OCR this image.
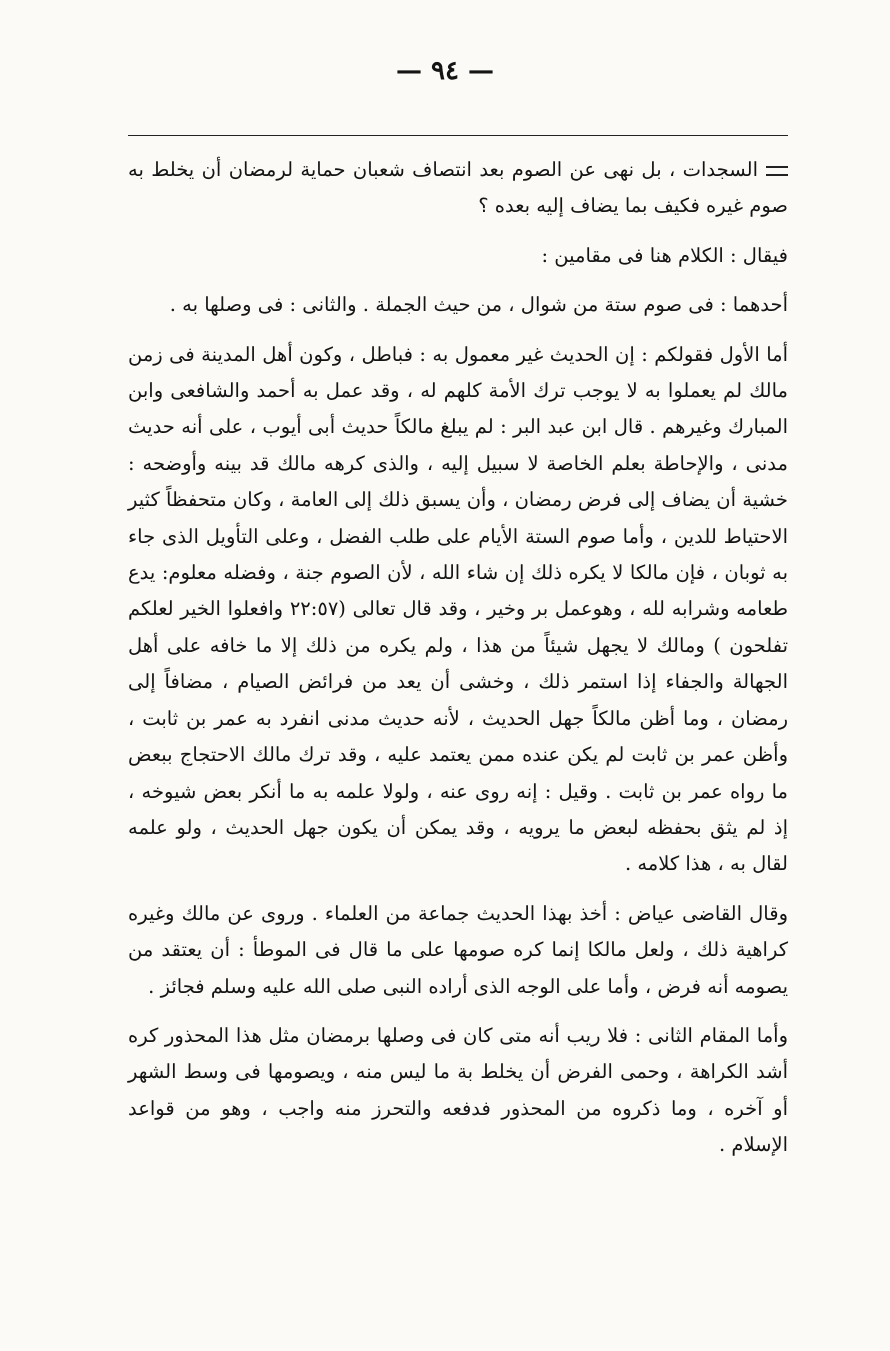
— ٩٤ —

السجدات ، بل نهى عن الصوم بعد انتصاف شعبان حماية لرمضان أن يخلط به صوم غيره فكيف بما يضاف إليه بعده ؟

فيقال : الكلام هنا فى مقامين :

أحدهما : فى صوم ستة من شوال ، من حيث الجملة . والثانى : فى وصلها به .

أما الأول فقولكم : إن الحديث غير معمول به : فباطل ، وكون أهل المدينة فى زمن مالك لم يعملوا به لا يوجب ترك الأمة كلهم له ، وقد عمل به أحمد والشافعى وابن المبارك وغيرهم . قال ابن عبد البر : لم يبلغ مالكاً حديث أبى أيوب ، على أنه حديث مدنى ، والإحاطة بعلم الخاصة لا سبيل إليه ، والذى كرهه مالك قد بينه وأوضحه : خشية أن يضاف إلى فرض رمضان ، وأن يسبق ذلك إلى العامة ، وكان متحفظاً كثير الاحتياط للدين ، وأما صوم الستة الأيام على طلب الفضل ، وعلى التأويل الذى جاء به ثوبان ، فإن مالكا لا يكره ذلك إن شاء الله ، لأن الصوم جنة ، وفضله معلوم: يدع طعامه وشرابه لله ، وهوعمل بر وخير ، وقد قال تعالى (٢٢:٥٧ وافعلوا الخير لعلكم تفلحون ) ومالك لا يجهل شيئاً من هذا ، ولم يكره من ذلك إلا ما خافه على أهل الجهالة والجفاء إذا استمر ذلك ، وخشى أن يعد من فرائض الصيام ، مضافاً إلى رمضان ، وما أظن مالكاً جهل الحديث ، لأنه حديث مدنى انفرد به عمر بن ثابت ، وأظن عمر بن ثابت لم يكن عنده ممن يعتمد عليه ، وقد ترك مالك الاحتجاج ببعض ما رواه عمر بن ثابت . وقيل : إنه روى عنه ، ولولا علمه به ما أنكر بعض شيوخه ، إذ لم يثق بحفظه لبعض ما يرويه ، وقد يمكن أن يكون جهل الحديث ، ولو علمه لقال به ، هذا كلامه .

وقال القاضى عياض : أخذ بهذا الحديث جماعة من العلماء . وروى عن مالك وغيره كراهية ذلك ، ولعل مالكا إنما كره صومها على ما قال فى الموطأ : أن يعتقد من يصومه أنه فرض ، وأما على الوجه الذى أراده النبى صلى الله عليه وسلم فجائز .

وأما المقام الثانى : فلا ريب أنه متى كان فى وصلها برمضان مثل هذا المحذور كره أشد الكراهة ، وحمى الفرض أن يخلط بة ما ليس منه ، ويصومها فى وسط الشهر أو آخره ، وما ذكروه من المحذور فدفعه والتحرز منه واجب ، وهو من قواعد الإسلام .
